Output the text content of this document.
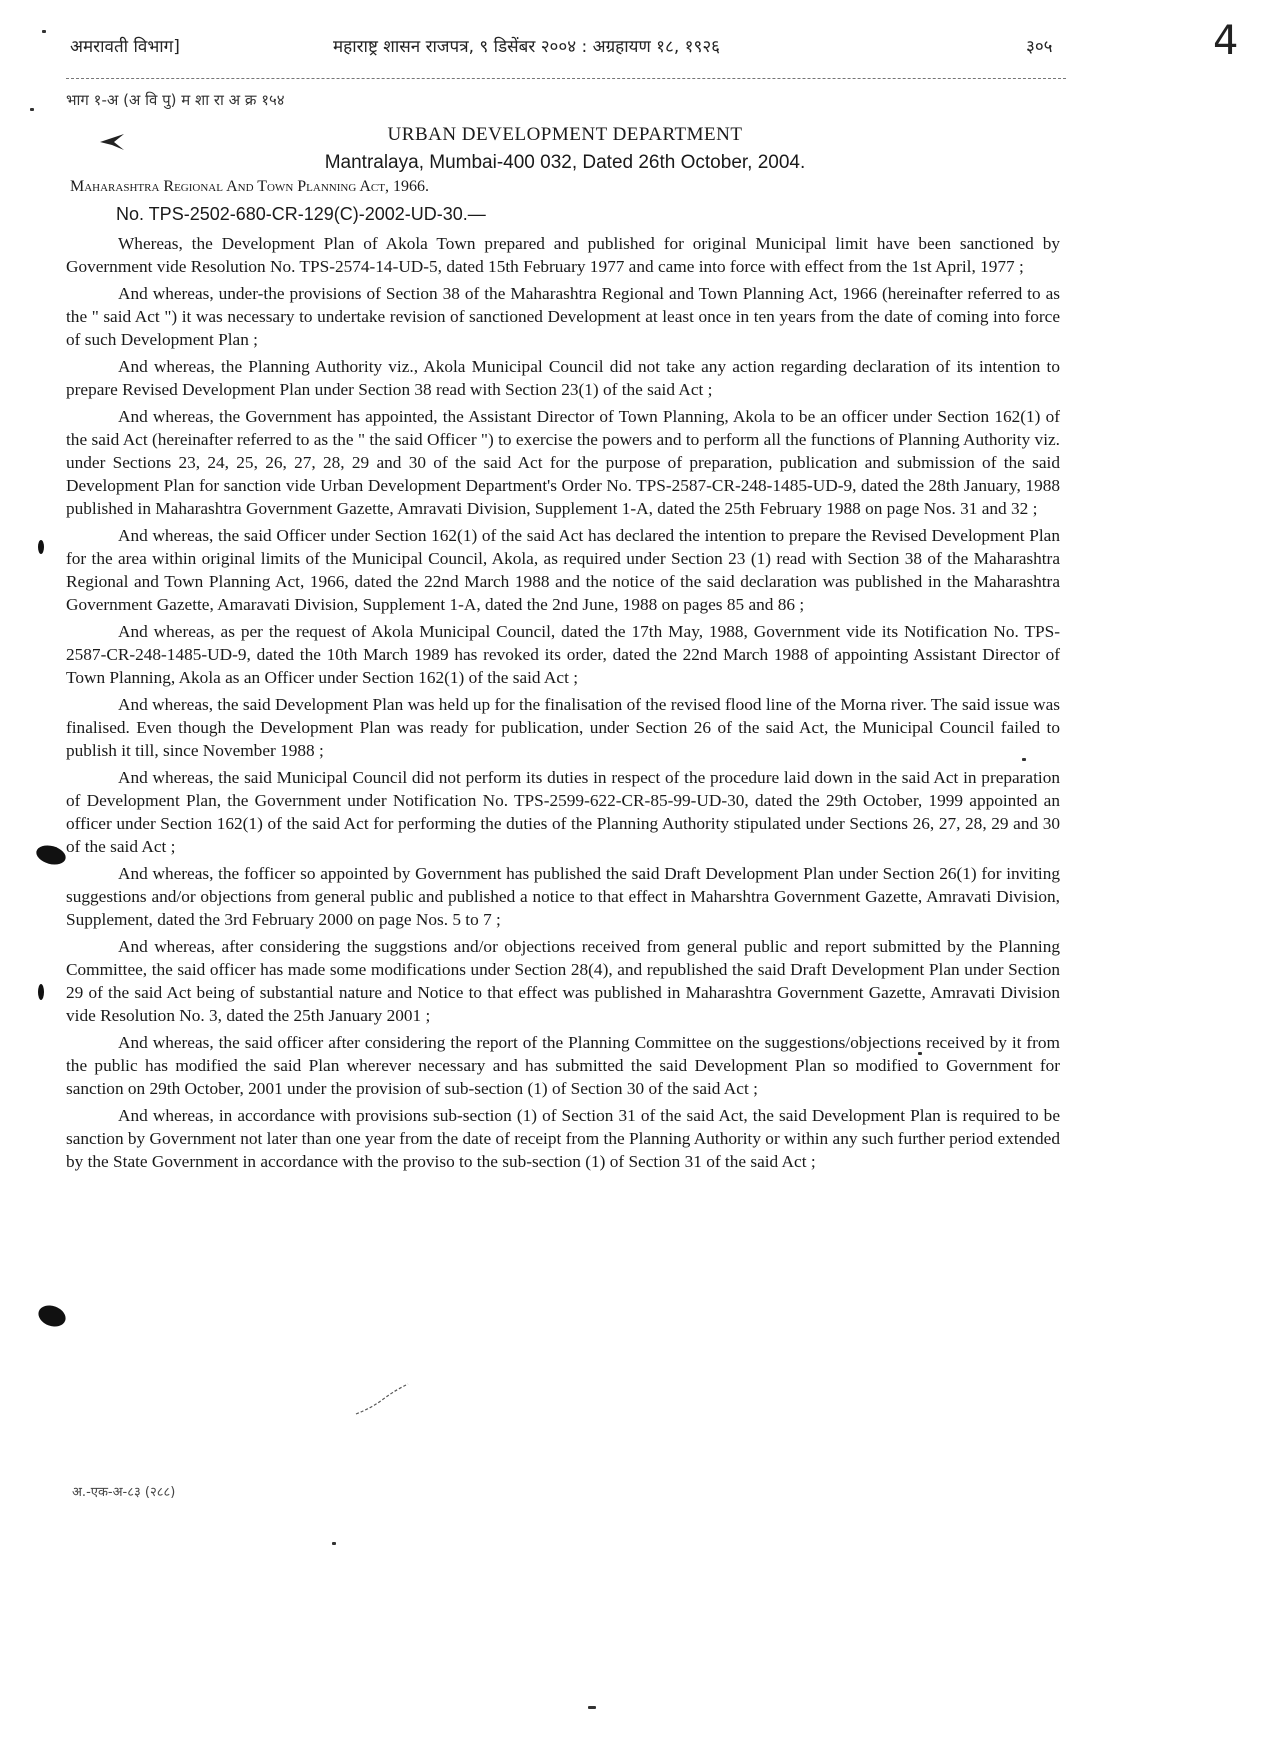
अमरावती विभाग]	महाराष्ट्र शासन राजपत्र, ९ डिसेंबर २००४ : अग्रहायण १८, १९२६	३०५	4
भाग १-अ (अ वि पु) म शा रा अ क्र १५४
URBAN DEVELOPMENT DEPARTMENT
Mantralaya, Mumbai-400 032, Dated 26th October, 2004.
Maharashtra Regional And Town Planning Act, 1966.
No. TPS-2502-680-CR-129(C)-2002-UD-30.—

Whereas, the Development Plan of Akola Town prepared and published for original Municipal limit have been sanctioned by Government vide Resolution No. TPS-2574-14-UD-5, dated 15th February 1977 and came into force with effect from the 1st April, 1977 ;

And whereas, under-the provisions of Section 38 of the Maharashtra Regional and Town Planning Act, 1966 (hereinafter referred to as the " said Act ") it was necessary to undertake revision of sanctioned Development at least once in ten years from the date of coming into force of such Development Plan ;

And whereas, the Planning Authority viz., Akola Municipal Council did not take any action regarding declaration of its intention to prepare Revised Development Plan under Section 38 read with Section 23(1) of the said Act ;

And whereas, the Government has appointed, the Assistant Director of Town Planning, Akola to be an officer under Section 162(1) of the said Act (hereinafter referred to as the " the said Officer ") to exercise the powers and to perform all the functions of Planning Authority viz. under Sections 23, 24, 25, 26, 27, 28, 29 and 30 of the said Act for the purpose of preparation, publication and submission of the said Development Plan for sanction vide Urban Development Department's Order No. TPS-2587-CR-248-1485-UD-9, dated the 28th January, 1988 published in Maharashtra Government Gazette, Amravati Division, Supplement 1-A, dated the 25th February 1988 on page Nos. 31 and 32 ;

And whereas, the said Officer under Section 162(1) of the said Act has declared the intention to prepare the Revised Development Plan for the area within original limits of the Municipal Council, Akola, as required under Section 23 (1) read with Section 38 of the Maharashtra Regional and Town Planning Act, 1966, dated the 22nd March 1988 and the notice of the said declaration was published in the Maharashtra Government Gazette, Amaravati Division, Supplement 1-A, dated the 2nd June, 1988 on pages 85 and 86 ;

And whereas, as per the request of Akola Municipal Council, dated the 17th May, 1988, Government vide its Notification No. TPS-2587-CR-248-1485-UD-9, dated the 10th March 1989 has revoked its order, dated the 22nd March 1988 of appointing Assistant Director of Town Planning, Akola as an Officer under Section 162(1) of the said Act ;

And whereas, the said Development Plan was held up for the finalisation of the revised flood line of the Morna river. The said issue was finalised. Even though the Development Plan was ready for publication, under Section 26 of the said Act, the Municipal Council failed to publish it till, since November 1988 ;

And whereas, the said Municipal Council did not perform its duties in respect of the procedure laid down in the said Act in preparation of Development Plan, the Government under Notification No. TPS-2599-622-CR-85-99-UD-30, dated the 29th October, 1999 appointed an officer under Section 162(1) of the said Act for performing the duties of the Planning Authority stipulated under Sections 26, 27, 28, 29 and 30 of the said Act ;

And whereas, the fofficer so appointed by Government has published the said Draft Development Plan under Section 26(1) for inviting suggestions and/or objections from general public and published a notice to that effect in Maharshtra Government Gazette, Amravati Division, Supplement, dated the 3rd February 2000 on page Nos. 5 to 7 ;

And whereas, after considering the suggstions and/or objections received from general public and report submitted by the Planning Committee, the said officer has made some modifications under Section 28(4), and republished the said Draft Development Plan under Section 29 of the said Act being of substantial nature and Notice to that effect was published in Maharashtra Government Gazette, Amravati Division vide Resolution No. 3, dated the 25th January 2001 ;

And whereas, the said officer after considering the report of the Planning Committee on the suggestions/objections received by it from the public has modified the said Plan wherever necessary and has submitted the said Development Plan so modified to Government for sanction on 29th October, 2001 under the provision of sub-section (1) of Section 30 of the said Act ;

And whereas, in accordance with provisions sub-section (1) of Section 31 of the said Act, the said Development Plan is required to be sanction by Government not later than one year from the date of receipt from the Planning Authority or within any such further period extended by the State Government in accordance with the proviso to the sub-section (1) of Section 31 of the said Act ;

अ.-एक-अ-८३ (२८८)
